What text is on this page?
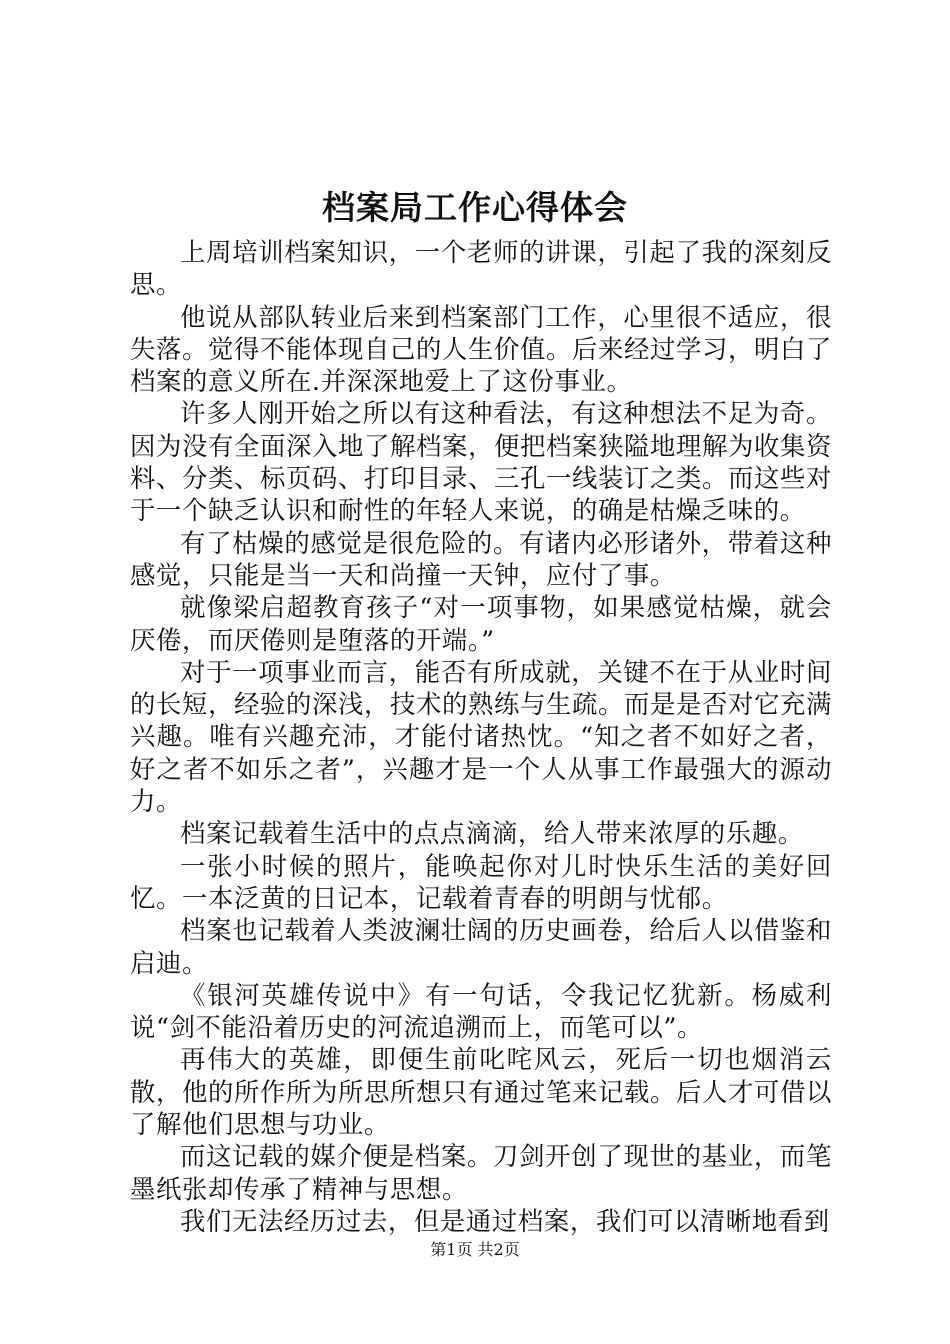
档案局工作心得体会

上周培训档案知识，一个老师的讲课，引起了我的深刻反思。

他说从部队转业后来到档案部门工作，心里很不适应，很失落。觉得不能体现自己的人生价值。后来经过学习，明白了档案的意义所在.并深深地爱上了这份事业。

许多人刚开始之所以有这种看法，有这种想法不足为奇。因为没有全面深入地了解档案，便把档案狭隘地理解为收集资料、分类、标页码、打印目录、三孔一线装订之类。而这些对于一个缺乏认识和耐性的年轻人来说，的确是枯燥乏味的。

有了枯燥的感觉是很危险的。有诸内必形诸外，带着这种感觉，只能是当一天和尚撞一天钟，应付了事。

就像梁启超教育孩子“对一项事物，如果感觉枯燥，就会厌倦，而厌倦则是堕落的开端。”

对于一项事业而言，能否有所成就，关键不在于从业时间的长短，经验的深浅，技术的熟练与生疏。而是是否对它充满兴趣。唯有兴趣充沛，才能付诸热忱。“知之者不如好之者，好之者不如乐之者”，兴趣才是一个人从事工作最强大的源动力。

档案记载着生活中的点点滴滴，给人带来浓厚的乐趣。

一张小时候的照片，能唤起你对儿时快乐生活的美好回忆。一本泛黄的日记本，记载着青春的明朗与忧郁。

档案也记载着人类波澜壮阔的历史画卷，给后人以借鉴和启迪。

《银河英雄传说中》有一句话，令我记忆犹新。杨威利说“剑不能沿着历史的河流追溯而上，而笔可以”。

再伟大的英雄，即便生前叱咤风云，死后一切也烟消云散，他的所作所为所思所想只有通过笔来记载。后人才可借以了解他们思想与功业。

而这记载的媒介便是档案。刀剑开创了现世的基业，而笔墨纸张却传承了精神与思想。

我们无法经历过去，但是通过档案，我们可以清晰地看到

第1页 共2页
